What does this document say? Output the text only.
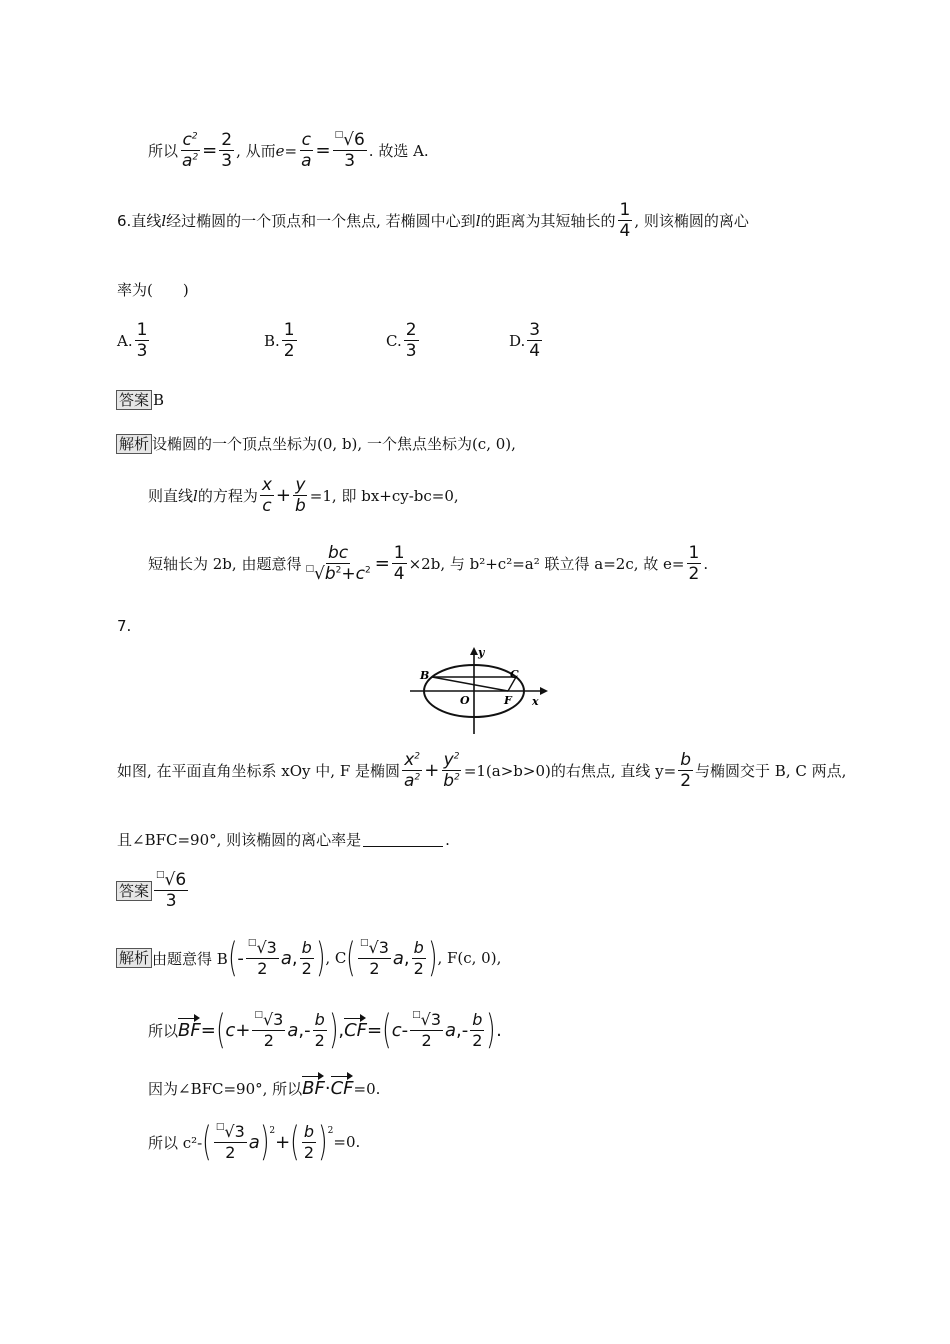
所以 $\frac{c^2}{a^2} = \frac{2}{3}$ , 从而 $e= \frac{c}{a} = \frac{^□√6}{3}$ . 故选 A.
6. 直线 l 经过椭圆的一个顶点和一个焦点, 若椭圆中心到 l 的距离为其短轴长的 $\frac{1}{4}$ , 则该椭圆的离心
率为(　　)
A. $\frac{1}{3}$	B. $\frac{1}{2}$	C. $\frac{2}{3}$	D. $\frac{3}{4}$
答案 B
解析 设椭圆的一个顶点坐标为(0, b), 一个焦点坐标为(c, 0),
则直线 l 的方程为 $\frac{x}{c} + \frac{y}{b} =1$, 即 bx+cy-bc=0,
短轴长为 2b, 由题意得 $\frac{bc}{^□√b^2+c^2} = \frac{1}{4} \times 2b$, 与 b²+c²=a² 联立得 a=2c, 故 $e= \frac{1}{2}$ .
7.
y
B	C
O	F x
如图, 在平面直角坐标系 xOy 中, F 是椭圆 $\frac{x^2}{a^2} + \frac{y^2}{b^2} =1(a>b>0)$的右焦点, 直线 $y= \frac{b}{2}$ 与椭圆交于 B, C 两点,
且∠BFC=90°, 则该椭圆的离心率是	.
答案 $\frac{^□√6}{3}$
解析 由题意得 B ( - $\frac{^□√3}{2}$ a , $\frac{b}{2}$ ) , C ( $\frac{^□√3}{2}$ a , $\frac{b}{2}$ ) , F(c, 0),
所以 BF = ( $c + \frac{^□√3}{2}$ a ,- $\frac{b}{2}$ ) , CF = ( c - $\frac{^□√3}{2}$ a ,- $\frac{b}{2}$ ) .
因为∠BFC=90°, 所以 BF · CF =0.
所以 c²- ( $\frac{^□√3}{2}$ a )$^2$
+ ( $\frac{b}{2} )^2$
=0.
